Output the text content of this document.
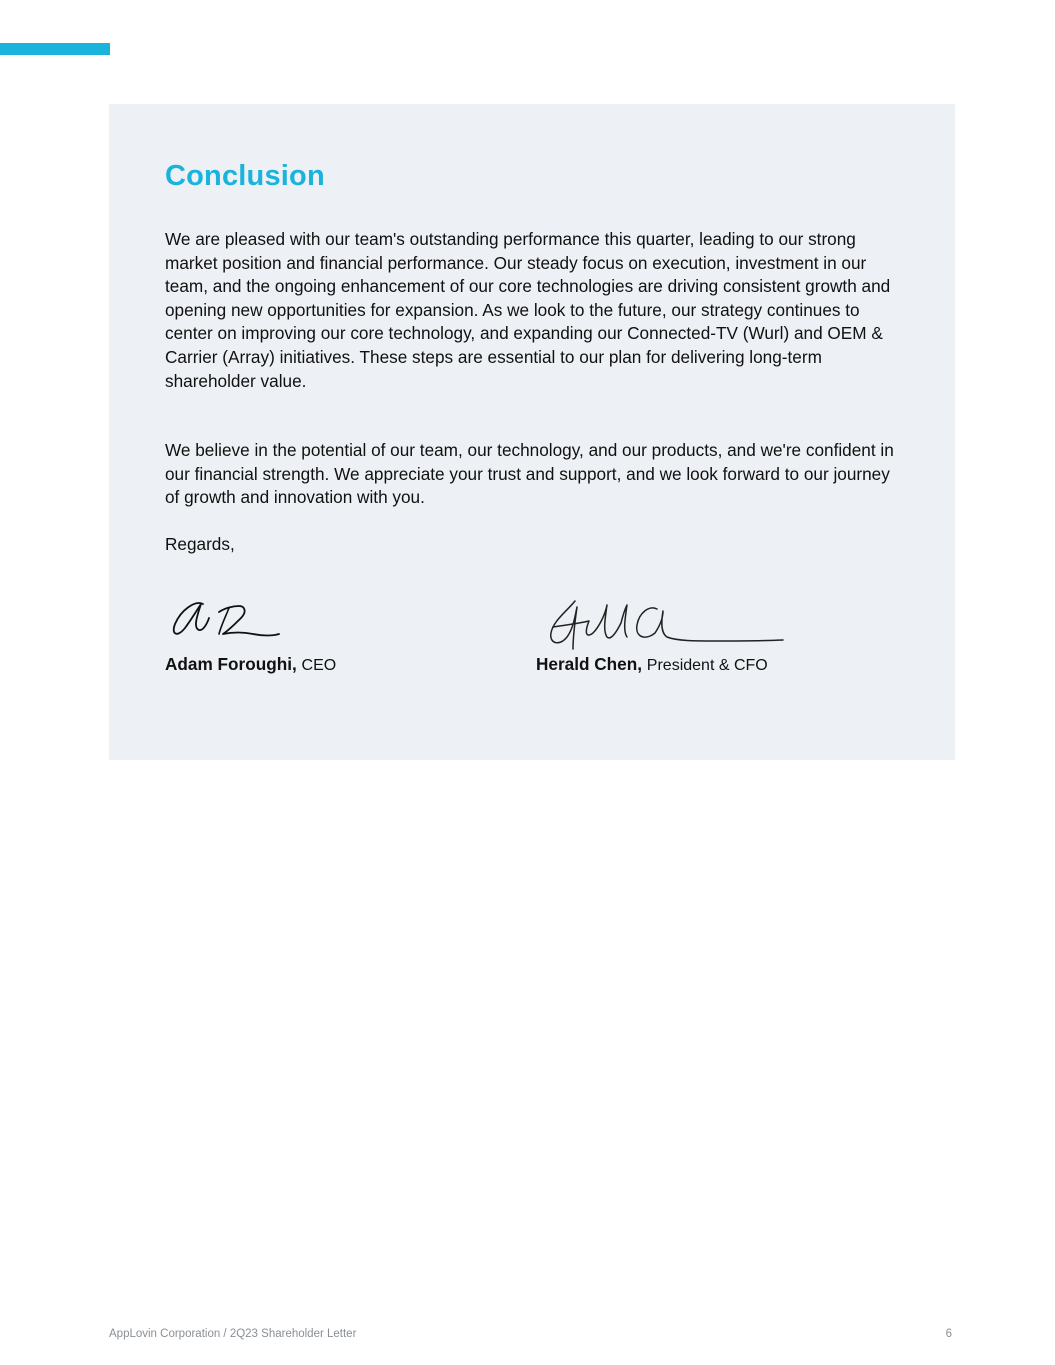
Conclusion

We are pleased with our team's outstanding performance this quarter, leading to our strong market position and financial performance. Our steady focus on execution, investment in our team, and the ongoing enhancement of our core technologies are driving consistent growth and opening new opportunities for expansion. As we look to the future, our strategy continues to center on improving our core technology, and expanding our Connected-TV (Wurl) and OEM & Carrier (Array) initiatives. These steps are essential to our plan for delivering long-term shareholder value.

We believe in the potential of our team, our technology, and our products, and we're confident in our financial strength. We appreciate your trust and support, and we look forward to our journey of growth and innovation with you.

Regards,

Adam Foroughi, CEO	Herald Chen, President & CFO
AppLovin Corporation / 2Q23 Shareholder Letter	6
